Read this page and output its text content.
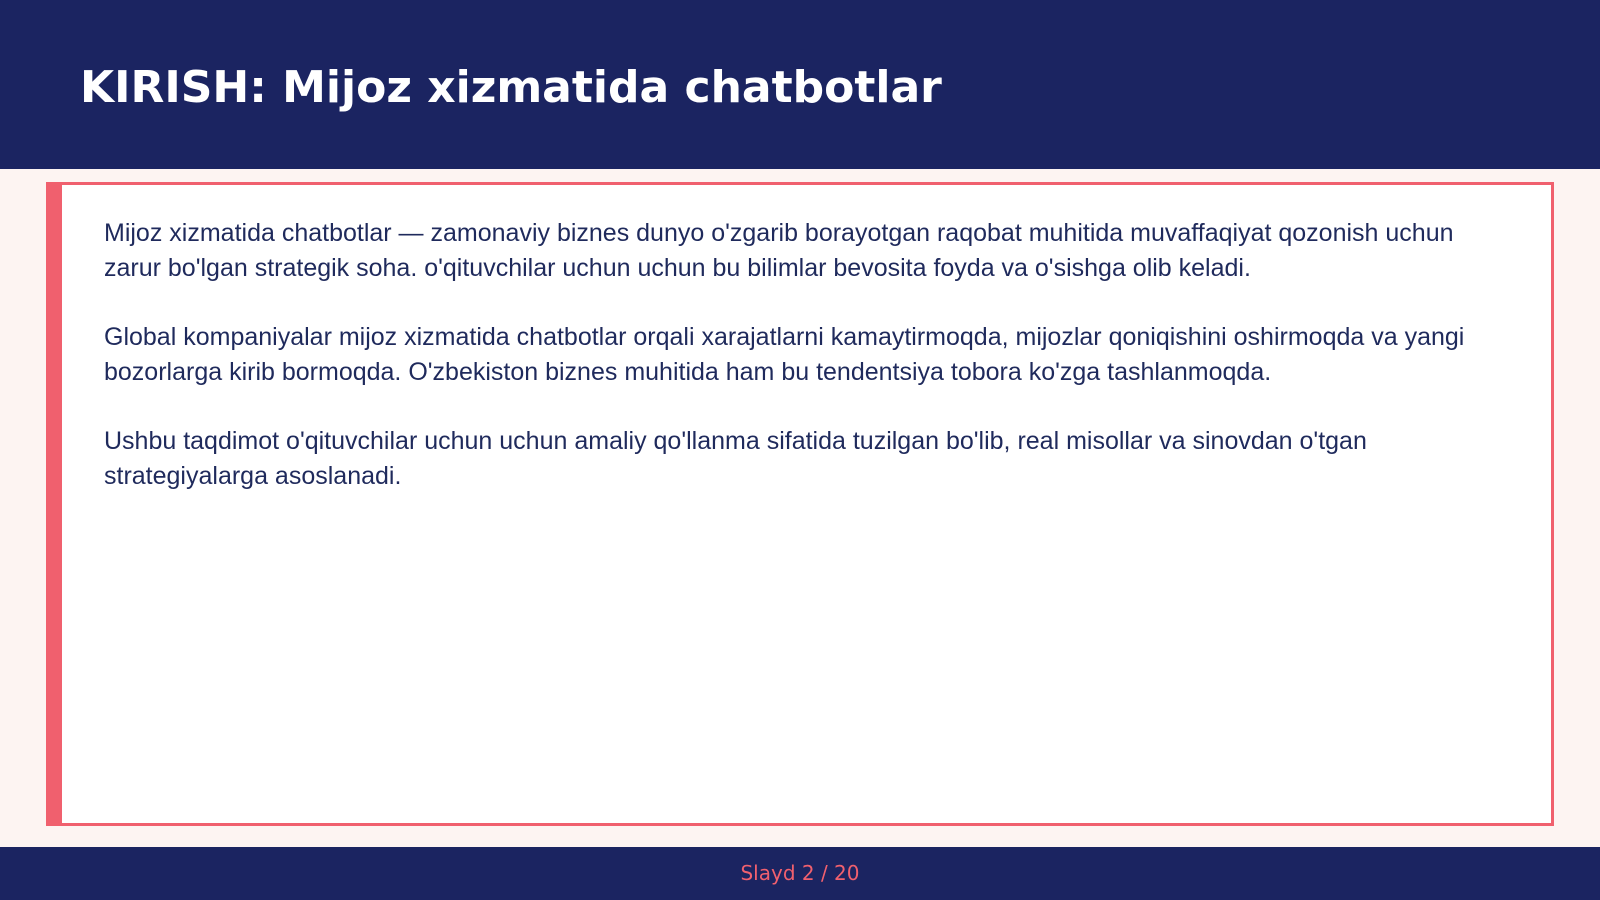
KIRISH: Mijoz xizmatida chatbotlar

Mijoz xizmatida chatbotlar — zamonaviy biznes dunyo o'zgarib borayotgan raqobat muhitida muvaffaqiyat qozonish uchun zarur bo'lgan strategik soha. o'qituvchilar uchun uchun bu bilimlar bevosita foyda va o'sishga olib keladi.

Global kompaniyalar mijoz xizmatida chatbotlar orqali xarajatlarni kamaytirmoqda, mijozlar qoniqishini oshirmoqda va yangi bozorlarga kirib bormoqda. O'zbekiston biznes muhitida ham bu tendentsiya tobora ko'zga tashlanmoqda.

Ushbu taqdimot o'qituvchilar uchun uchun amaliy qo'llanma sifatida tuzilgan bo'lib, real misollar va sinovdan o'tgan strategiyalarga asoslanadi.

Slayd 2 / 20
